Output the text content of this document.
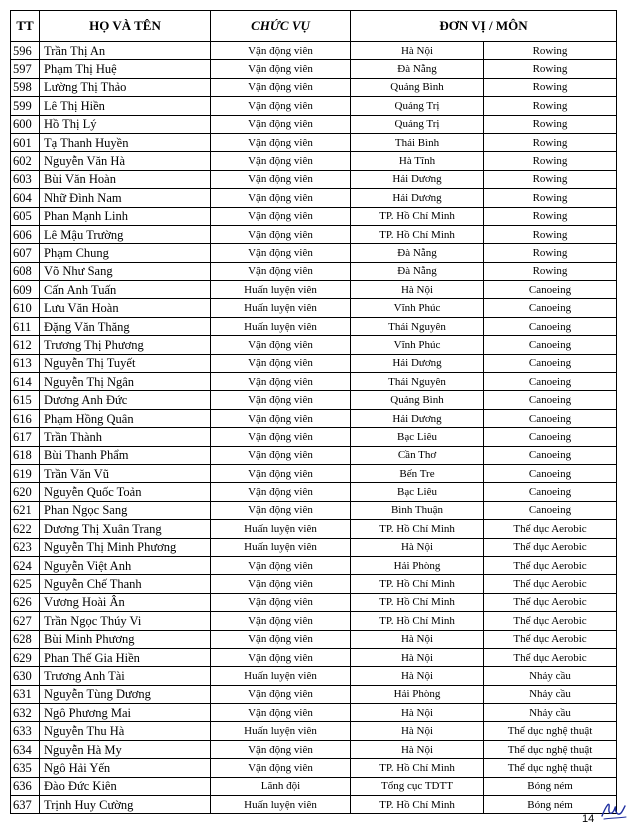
TT	HỌ VÀ TÊN	CHỨC VỤ	ĐƠN VỊ / MÔN	
596	Trần Thị An	Vận động viên	Hà Nội	Rowing
597	Phạm Thị Huệ	Vận động viên	Đà Nẵng	Rowing
598	Lường Thị Thảo	Vận động viên	Quảng Bình	Rowing
599	Lê Thị Hiền	Vận động viên	Quảng Trị	Rowing
600	Hồ Thị Lý	Vận động viên	Quảng Trị	Rowing
601	Tạ Thanh Huyền	Vận động viên	Thái Bình	Rowing
602	Nguyễn Văn Hà	Vận động viên	Hà Tĩnh	Rowing
603	Bùi Văn Hoàn	Vận động viên	Hải Dương	Rowing
604	Nhữ Đình Nam	Vận động viên	Hải Dương	Rowing
605	Phan Mạnh Linh	Vận động viên	TP. Hồ Chí Minh	Rowing
606	Lê Mậu Trường	Vận động viên	TP. Hồ Chí Minh	Rowing
607	Phạm Chung	Vận động viên	Đà Nẵng	Rowing
608	Võ Như Sang	Vận động viên	Đà Nẵng	Rowing
609	Cấn Anh Tuấn	Huấn luyện viên	Hà Nội	Canoeing
610	Lưu Văn Hoàn	Huấn luyện viên	Vĩnh Phúc	Canoeing
611	Đặng Văn Thăng	Huấn luyện viên	Thái Nguyên	Canoeing
612	Trương Thị Phương	Vận động viên	Vĩnh Phúc	Canoeing
613	Nguyễn Thị Tuyết	Vận động viên	Hải Dương	Canoeing
614	Nguyễn Thị Ngân	Vận động viên	Thái Nguyên	Canoeing
615	Dương Anh Đức	Vận động viên	Quảng Bình	Canoeing
616	Phạm Hồng Quân	Vận động viên	Hải Dương	Canoeing
617	Trần Thành	Vận động viên	Bạc Liêu	Canoeing
618	Bùi Thanh Phẩm	Vận động viên	Cần Thơ	Canoeing
619	Trần Văn Vũ	Vận động viên	Bến Tre	Canoeing
620	Nguyễn Quốc Toản	Vận động viên	Bạc Liêu	Canoeing
621	Phan Ngọc Sang	Vận động viên	Bình Thuận	Canoeing
622	Dương Thị Xuân Trang	Huấn luyện viên	TP. Hồ Chí Minh	Thể dục Aerobic
623	Nguyễn Thị Minh Phương	Huấn luyện viên	Hà Nội	Thể dục Aerobic
624	Nguyễn Việt Anh	Vận động viên	Hải Phòng	Thể dục Aerobic
625	Nguyễn Chế Thanh	Vận động viên	TP. Hồ Chí Minh	Thể dục Aerobic
626	Vương Hoài Ân	Vận động viên	TP. Hồ Chí Minh	Thể dục Aerobic
627	Trần Ngọc Thúy Vi	Vận động viên	TP. Hồ Chí Minh	Thể dục Aerobic
628	Bùi Minh Phương	Vận động viên	Hà Nội	Thể dục Aerobic
629	Phan Thế Gia Hiền	Vận động viên	Hà Nội	Thể dục Aerobic
630	Trương Anh Tài	Huấn luyện viên	Hà Nội	Nhảy cầu
631	Nguyễn Tùng Dương	Vận động viên	Hải Phòng	Nhảy cầu
632	Ngô Phương Mai	Vận động viên	Hà Nội	Nhảy cầu
633	Nguyễn Thu Hà	Huấn luyện viên	Hà Nội	Thể dục nghệ thuật
634	Nguyễn Hà My	Vận động viên	Hà Nội	Thể dục nghệ thuật
635	Ngô Hải Yến	Vận động viên	TP. Hồ Chí Minh	Thể dục nghệ thuật
636	Đào Đức Kiên	Lãnh đội	Tổng cục TDTT	Bóng ném
637	Trịnh Huy Cường	Huấn luyện viên	TP. Hồ Chí Minh	Bóng ném
14
